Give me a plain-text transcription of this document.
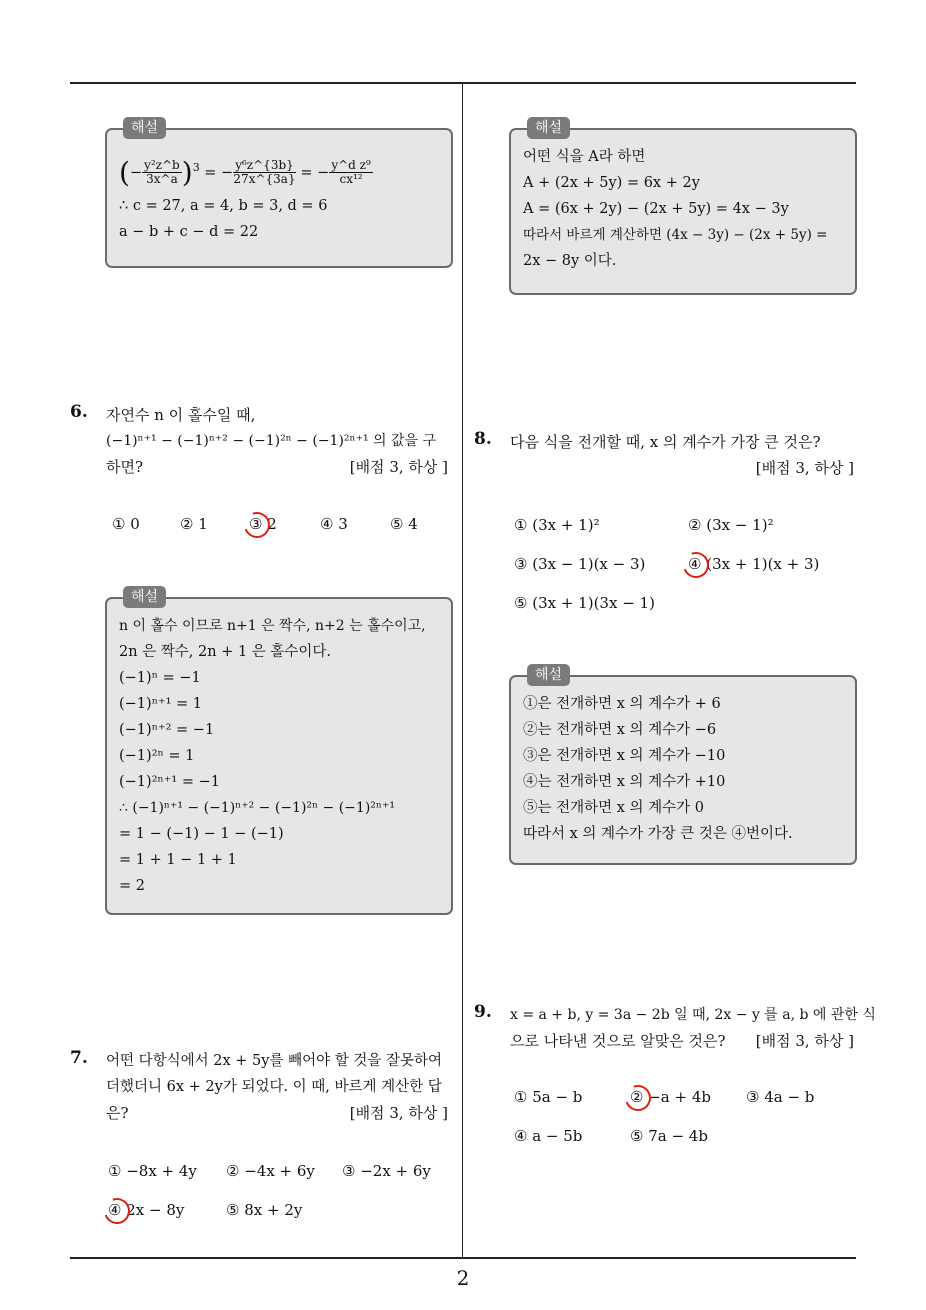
해설
(− $\frac{\text{y²z\textasciicircum{}b}}{3x\^{}a} )^3$ = − $\frac{\text{y⁶z\textasciicircum{}\{3b\}}}{27x\^{}\{3a\}}$ = − $\frac{\text{y\textasciicircum{}d z⁹}}{\text{cx¹²}}$
∴ c = 27, a = 4, b = 3, d = 6
a − b + c − d = 22
해설
어떤 식을 A라 하면
A + (2x + 5y) = 6x + 2y
A = (6x + 2y) − (2x + 5y) = 4x − 3y
따라서 바르게 계산하면 (4x − 3y) − (2x + 5y) =
2x − 8y 이다.
6. 자연수 n 이 홀수일 때,
(−1)ⁿ⁺¹ − (−1)ⁿ⁺² − (−1)²ⁿ − (−1)²ⁿ⁺¹ 의 값을 구
하면?	[배점 3, 하상 ]
① 0	② 1	③ 2	④ 3	⑤ 4
해설
n 이 홀수 이므로 n+1 은 짝수, n+2 는 홀수이고,
2n 은 짝수, 2n + 1 은 홀수이다.
(−1)ⁿ = −1
(−1)ⁿ⁺¹ = 1
(−1)ⁿ⁺² = −1
(−1)²ⁿ = 1
(−1)²ⁿ⁺¹ = −1
∴ (−1)ⁿ⁺¹ − (−1)ⁿ⁺² − (−1)²ⁿ − (−1)²ⁿ⁺¹
= 1 − (−1) − 1 − (−1)
= 1 + 1 − 1 + 1
= 2
7. 어떤 다항식에서 2x + 5y를 빼어야 할 것을 잘못하여
더했더니 6x + 2y가 되었다. 이 때, 바르게 계산한 답
은?	[배점 3, 하상 ]
① −8x + 4y ② −4x + 6y ③ −2x + 6y
④ 2x − 8y	⑤ 8x + 2y
8. 다음 식을 전개할 때, x 의 계수가 가장 큰 것은?
[배점 3, 하상 ]
① (3x + 1)²	② (3x − 1)²
③ (3x − 1)(x − 3)	④ (3x + 1)(x + 3)
⑤ (3x + 1)(3x − 1)
해설
①은 전개하면 x 의 계수가 + 6
②는 전개하면 x 의 계수가 −6
③은 전개하면 x 의 계수가 −10
④는 전개하면 x 의 계수가 +10
⑤는 전개하면 x 의 계수가 0
따라서 x 의 계수가 가장 큰 것은 ④번이다.
9. x = a + b, y = 3a − 2b 일 때, 2x − y 를 a, b 에 관한 식
으로 나타낸 것으로 알맞은 것은? [배점 3, 하상 ]
① 5a − b	② −a + 4b ③ 4a − b
④ a − 5b	⑤ 7a − 4b
2
